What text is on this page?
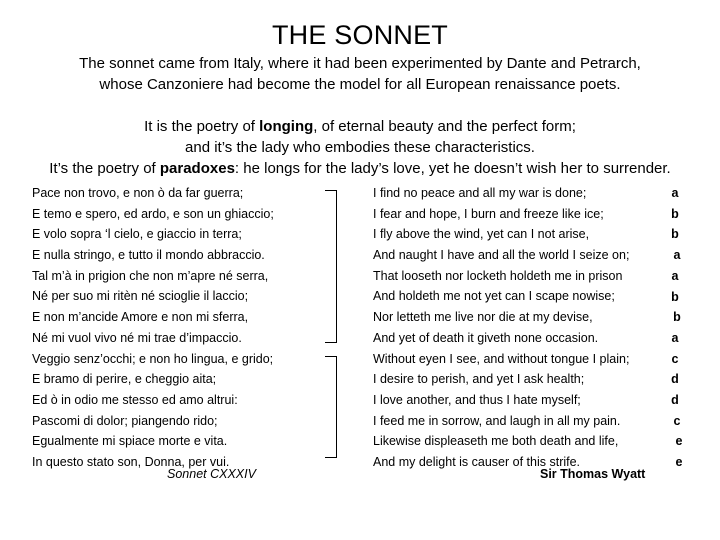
THE SONNET

The sonnet came from Italy, where it had been experimented by Dante and Petrarch,

whose Canzoniere had become the model for all European renaissance poets.

It is the poetry of longing, of eternal beauty and the perfect form;

and it’s the lady who embodies these characteristics.

It’s the poetry of paradoxes: he longs for the lady’s love, yet he doesn’t wish her to surrender.

Pace non trovo, e non ò da far guerra;
E temo e spero, ed ardo, e son un ghiaccio;
E volo sopra ‘l cielo, e giaccio in terra;
E nulla stringo, e tutto il mondo abbraccio.
Tal m’à in prigion che non m’apre né serra,
Né per suo mi ritèn né scioglie il laccio;
E non m’ancide Amore e non mi sferra,
Né mi vuol vivo né mi trae d’impaccio.
Veggio senz’occhi; e non ho lingua, e grido;
E bramo di perire, e cheggio aita;
Ed ò in odio me stesso ed amo altrui:
Pascomi di dolor; piangendo rido;
Egualmente mi spiace morte e vita.
In questo stato son, Donna, per vui.
I find no peace and all my war is done;
I fear and hope, I burn and freeze like ice;
I fly above the wind, yet can I not arise,
And naught I have and all the world I seize on;
That looseth nor locketh holdeth me in prison
And holdeth me not yet can I scape nowise;
Nor letteth me live nor die at my devise,
And yet of death it giveth none occasion.
Without eyen I see, and without tongue I plain;
I desire to perish, and yet I ask health;
I love another, and thus I hate myself;
I feed me in sorrow, and laugh in all my pain.
Likewise displeaseth me both death and life,
And my delight is causer of this strife.
a
b
b
a
a
b
b
a
c
d
d
c
e
e
Sonnet CXXXIV	Sir Thomas Wyatt
